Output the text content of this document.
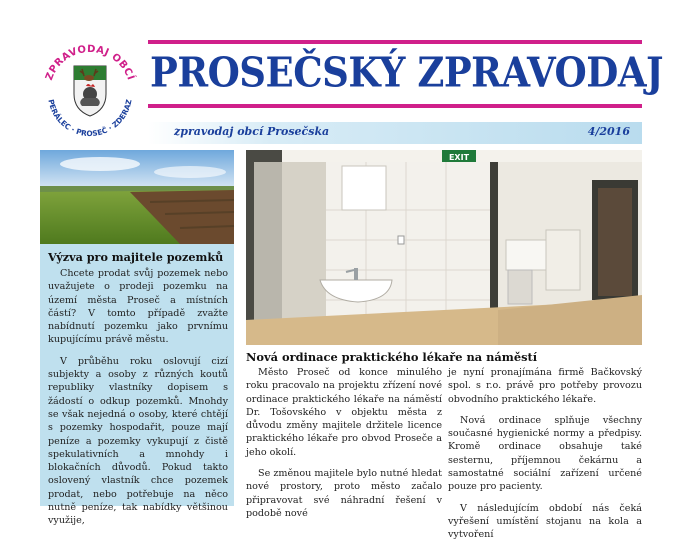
ZPRAVODAJ OBCÍ
PERÁLEC · PROSEČ · ZDERAZ
PROSEČSKÝ ZPRAVODAJ
zpravodaj obcí Prosečska	4/2016
Výzva pro majitele pozemků

Chcete prodat svůj pozemek nebo uvažujete o prodeji pozemku na území města Proseč a místních částí? V tomto případě zvažte nabídnutí pozemku jako prvnímu kupujícímu právě městu.

V průběhu roku oslovují cizí subjekty a osoby z různých koutů republiky vlastníky dopisem s žádostí o odkup pozemků. Mnohdy se však nejedná o osoby, které chtějí s pozemky hospodařit, pouze mají peníze a pozemky vykupují z čistě spekulativních a mnohdy i blokačních důvodů. Pokud takto oslovený vlastník chce pozemek prodat, nebo potřebuje na něco nutně peníze, tak nabídky většinou využije,

EXIT
Nová ordinace praktického lékaře na náměstí

Město Proseč od konce minulého roku pracovalo na projektu zřízení nové ordinace praktického lékaře na náměstí Dr. Tošovského v objektu města z důvodu změny majitele držitele licence praktického lékaře pro obvod Proseče a jeho okolí.

Se změnou majitele bylo nutné hledat nové prostory, proto město začalo připravovat své náhradní řešení v podobě nové

je nyní pronajímána firmě Bačkovský spol. s r.o. právě pro potřeby provozu obvodního praktického lékaře.

Nová ordinace splňuje všechny současné hygienické normy a předpisy. Kromě ordinace obsahuje také sesternu, příjemnou čekárnu a samostatné sociální zařízení určené pouze pro pacienty.

V následujícím období nás čeká vyřešení umístění stojanu na kola a vytvoření
